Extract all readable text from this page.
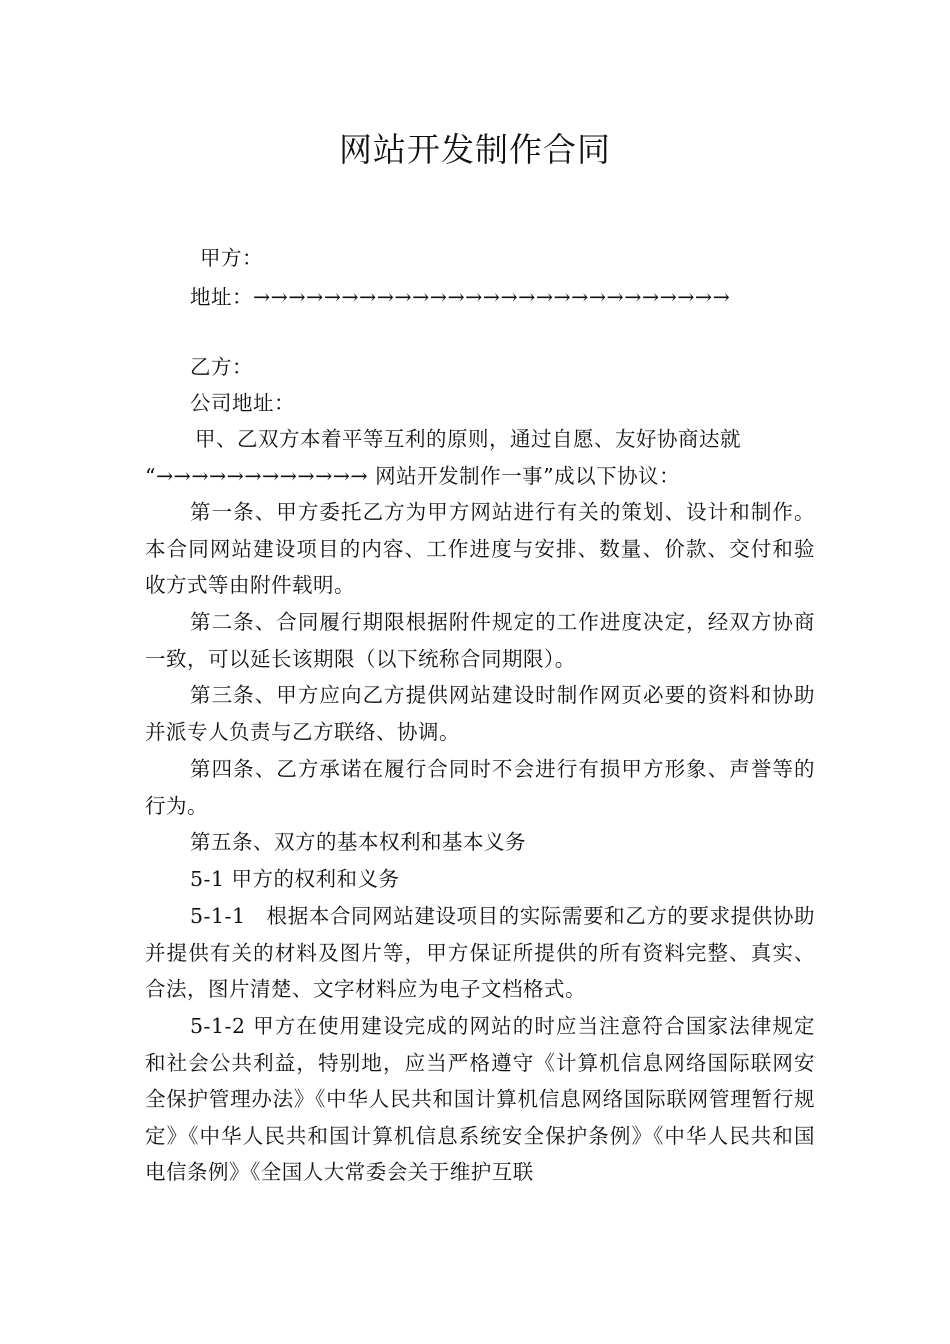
网站开发制作合同
甲方：
地址：→→→→→→→→→→→→→→→→→→→→→→→→→→→
乙方：
公司地址：
甲、乙双方本着平等互利的原则，通过自愿、友好协商达就
“→→→→→→→→→→→→ 网站开发制作一事”成以下协议：

第一条、甲方委托乙方为甲方网站进行有关的策划、设计和制作。本合同网站建设项目的内容、工作进度与安排、数量、价款、交付和验收方式等由附件载明。

第二条、合同履行期限根据附件规定的工作进度决定，经双方协商一致，可以延长该期限（以下统称合同期限）。

第三条、甲方应向乙方提供网站建设时制作网页必要的资料和协助并派专人负责与乙方联络、协调。

第四条、乙方承诺在履行合同时不会进行有损甲方形象、声誉等的行为。

第五条、双方的基本权利和基本义务

5-1 甲方的权利和义务

5-1-1　根据本合同网站建设项目的实际需要和乙方的要求提供协助并提供有关的材料及图片等，甲方保证所提供的所有资料完整、真实、合法，图片清楚、文字材料应为电子文档格式。

5-1-2 甲方在使用建设完成的网站的时应当注意符合国家法律规定和社会公共利益，特别地，应当严格遵守《计算机信息网络国际联网安全保护管理办法》《中华人民共和国计算机信息网络国际联网管理暂行规定》《中华人民共和国计算机信息系统安全保护条例》《中华人民共和国电信条例》《全国人大常委会关于维护互联
